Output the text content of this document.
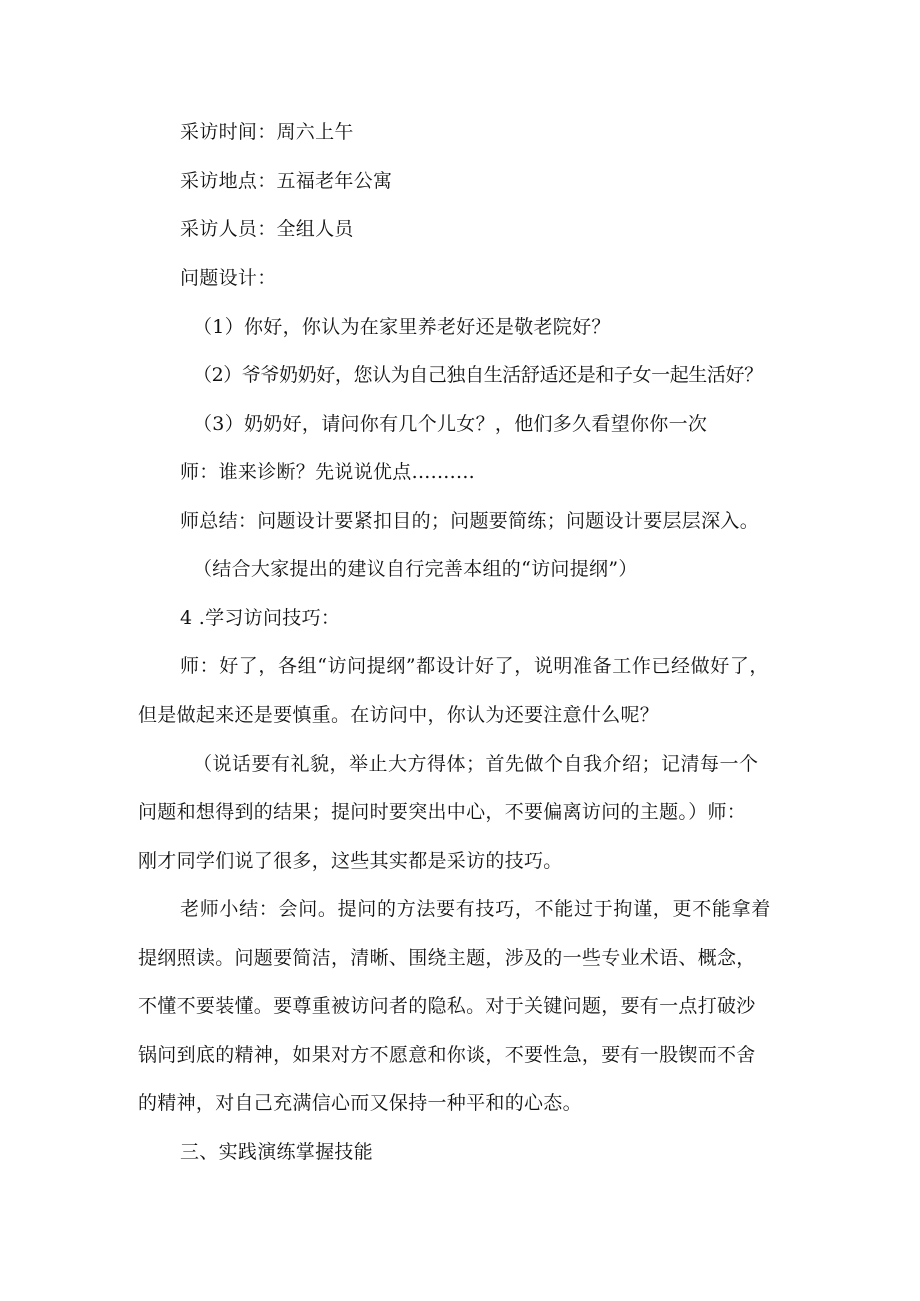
采访时间：周六上午
采访地点：五福老年公寓
采访人员：全组人员
问题设计：
（1）你好，你认为在家里养老好还是敬老院好？
（2）爷爷奶奶好，您认为自己独自生活舒适还是和子女一起生活好？
（3）奶奶好，请问你有几个儿女？，他们多久看望你你一次
师：谁来诊断？先说说优点..........
师总结：问题设计要紧扣目的；问题要简练；问题设计要层层深入。
（结合大家提出的建议自行完善本组的“访问提纲”）
4 .学习访问技巧：
师：好了，各组“访问提纲”都设计好了，说明准备工作已经做好了，
但是做起来还是要慎重。在访问中，你认为还要注意什么呢？
（说话要有礼貌，举止大方得体；首先做个自我介绍；记清每一个
问题和想得到的结果；提问时要突出中心，不要偏离访问的主题。）师：
刚才同学们说了很多，这些其实都是采访的技巧。
老师小结：会问。提问的方法要有技巧，不能过于拘谨，更不能拿着
提纲照读。问题要简洁，清晰、围绕主题，涉及的一些专业术语、概念，
不懂不要装懂。要尊重被访问者的隐私。对于关键问题，要有一点打破沙
锅问到底的精神，如果对方不愿意和你谈，不要性急，要有一股锲而不舍
的精神，对自己充满信心而又保持一种平和的心态。
三、实践演练掌握技能
